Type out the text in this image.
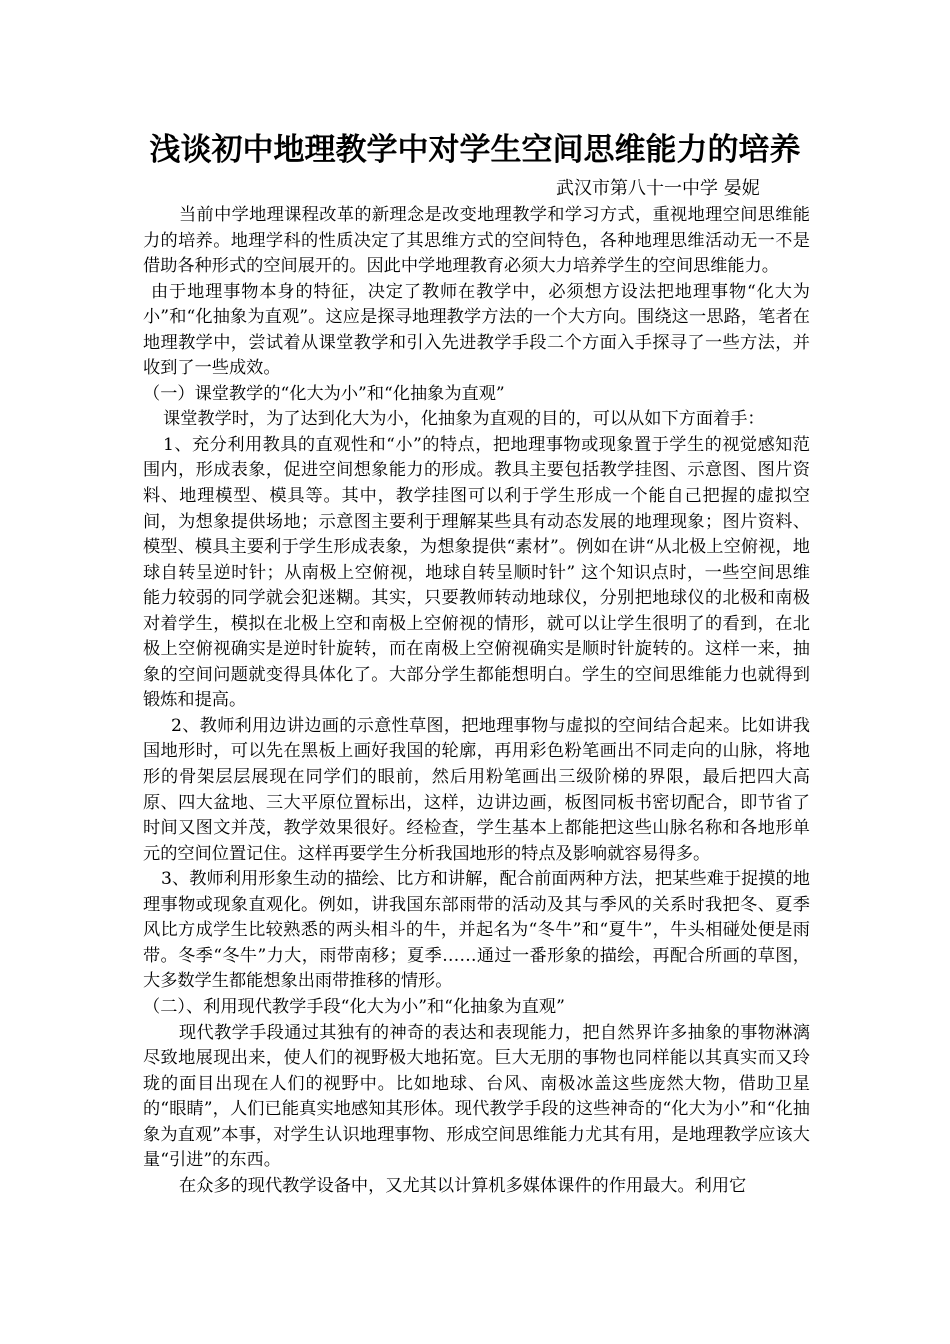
浅谈初中地理教学中对学生空间思维能力的培养
武汉市第八十一中学 晏妮

当前中学地理课程改革的新理念是改变地理教学和学习方式，重视地理空间思维能力的培养。地理学科的性质决定了其思维方式的空间特色，各种地理思维活动无一不是借助各种形式的空间展开的。因此中学地理教育必须大力培养学生的空间思维能力。

由于地理事物本身的特征，决定了教师在教学中，必须想方设法把地理事物“化大为小”和“化抽象为直观”。这应是探寻地理教学方法的一个大方向。围绕这一思路，笔者在地理教学中，尝试着从课堂教学和引入先进教学手段二个方面入手探寻了一些方法，并收到了一些成效。

（一）课堂教学的“化大为小”和“化抽象为直观”

课堂教学时，为了达到化大为小，化抽象为直观的目的，可以从如下方面着手：

1、充分利用教具的直观性和“小”的特点，把地理事物或现象置于学生的视觉感知范围内，形成表象，促进空间想象能力的形成。教具主要包括教学挂图、示意图、图片资料、地理模型、模具等。其中，教学挂图可以利于学生形成一个能自己把握的虚拟空间，为想象提供场地；示意图主要利于理解某些具有动态发展的地理现象；图片资料、模型、模具主要利于学生形成表象，为想象提供“素材”。例如在讲“从北极上空俯视，地球自转呈逆时针；从南极上空俯视，地球自转呈顺时针” 这个知识点时，一些空间思维能力较弱的同学就会犯迷糊。其实，只要教师转动地球仪，分别把地球仪的北极和南极对着学生，模拟在北极上空和南极上空俯视的情形，就可以让学生很明了的看到，在北极上空俯视确实是逆时针旋转，而在南极上空俯视确实是顺时针旋转的。这样一来，抽象的空间问题就变得具体化了。大部分学生都能想明白。学生的空间思维能力也就得到锻炼和提高。

2、教师利用边讲边画的示意性草图，把地理事物与虚拟的空间结合起来。比如讲我国地形时，可以先在黑板上画好我国的轮廓，再用彩色粉笔画出不同走向的山脉，将地形的骨架层层展现在同学们的眼前，然后用粉笔画出三级阶梯的界限，最后把四大高原、四大盆地、三大平原位置标出，这样，边讲边画，板图同板书密切配合，即节省了时间又图文并茂，教学效果很好。经检查，学生基本上都能把这些山脉名称和各地形单元的空间位置记住。这样再要学生分析我国地形的特点及影响就容易得多。

3、教师利用形象生动的描绘、比方和讲解，配合前面两种方法，把某些难于捉摸的地理事物或现象直观化。例如，讲我国东部雨带的活动及其与季风的关系时我把冬、夏季风比方成学生比较熟悉的两头相斗的牛，并起名为“冬牛”和“夏牛”，牛头相碰处便是雨带。冬季“冬牛”力大，雨带南移；夏季……通过一番形象的描绘，再配合所画的草图，大多数学生都能想象出雨带推移的情形。

（二）、利用现代教学手段“化大为小”和“化抽象为直观”

现代教学手段通过其独有的神奇的表达和表现能力，把自然界许多抽象的事物淋漓尽致地展现出来，使人们的视野极大地拓宽。巨大无朋的事物也同样能以其真实而又玲珑的面目出现在人们的视野中。比如地球、台风、南极冰盖这些庞然大物，借助卫星的“眼睛”，人们已能真实地感知其形体。现代教学手段的这些神奇的“化大为小”和“化抽象为直观”本事，对学生认识地理事物、形成空间思维能力尤其有用，是地理教学应该大量“引进”的东西。

在众多的现代教学设备中，又尤其以计算机多媒体课件的作用最大。利用它
